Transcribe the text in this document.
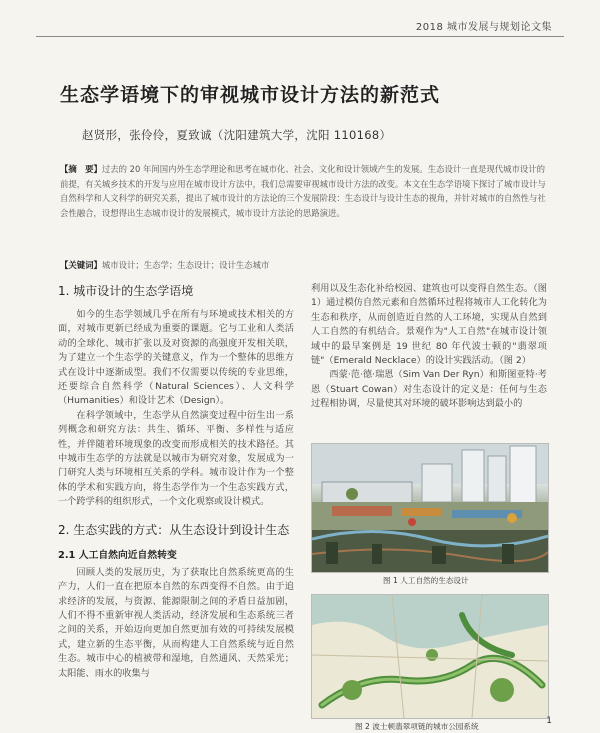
2018 城市发展与规划论文集
生态学语境下的审视城市设计方法的新范式
赵贤形，张伶伶，夏致诚（沈阳建筑大学，沈阳 110168）
【摘　要】过去的 20 年间国内外生态学理论和思考在城市化、社会、文化和设计领域产生的发展。生态设计一直是现代城市设计的前提，有关城乡技术的开发与应用在城市设计方法中，我们总需要审视城市设计方法的改变。本文在生态学语境下探讨了城市设计与自然科学和人文科学的研究关系，提出了城市设计的方法论的三个发展阶段：生态设计与设计生态的视角，并针对城市的自然性与社会性融合，设想得出生态城市设计的发展模式，城市设计方法论的思路演进。
【关键词】城市设计；生态学；生态设计；设计生态城市
1. 城市设计的生态学语境

如今的生态学领域几乎在所有与环境或技术相关的方面，对城市更新已经成为重要的课题。它与工业和人类活动的全球化、城市扩张以及对资源的高强度开发相关联，为了建立一个生态学的关键意义，作为一个整体的思维方式在设计中逐渐成型。我们不仅需要以传统的专业思维，还要综合自然科学（Natural Sciences）、人文科学（Humanities）和设计艺术（Design）。

在科学领域中，生态学从自然演变过程中衍生出一系列概念和研究方法：共生、循环、平衡、多样性与适应性，并伴随着环境现象的改变而形成相关的技术路径。其中城市生态学的方法就是以城市为研究对象，发展成为一门研究人类与环境相互关系的学科。城市设计作为一个整体的学术和实践方向，将生态学作为一个生态实践方式，一个跨学科的组织形式，一个文化观察或设计模式。

2. 生态实践的方式：从生态设计到设计生态
2.1 人工自然向近自然转变

回顾人类的发展历史，为了获取比自然系统更高的生产力，人们一直在把原本自然的东西变得不自然。由于追求经济的发展，与资源、能源限制之间的矛盾日益加剧，人们不得不重新审视人类活动，经济发展和生态系统三者之间的关系，开始迈向更加自然更加有效的可持续发展模式，建立新的生态平衡，从而构建人工自然系统与近自然生态。城市中心的植被带和湿地，自然通风、天然采光；太阳能、雨水的收集与

利用以及生态化补给校园、建筑也可以变得自然生态。（图 1）通过模仿自然元素和自然循环过程将城市人工化转化为生态和秩序，从而创造近自然的人工环境，实现从自然到人工自然的有机结合。景观作为"人工自然"在城市设计领域中的最早案例是 19 世纪 80 年代波士顿的"翡翠项链"（Emerald Necklace）的设计实践活动。（图 2）

西蒙·范·德·瑞恩（Sim Van Der Ryn）和斯图亚特·考恩（Stuart Cowan）对生态设计的定义是：任何与生态过程相协调，尽量使其对环境的破坏影响达到最小的

图 1 人工自然的生态设计
图 2 波士顿翡翠项链的城市公园系统
1
